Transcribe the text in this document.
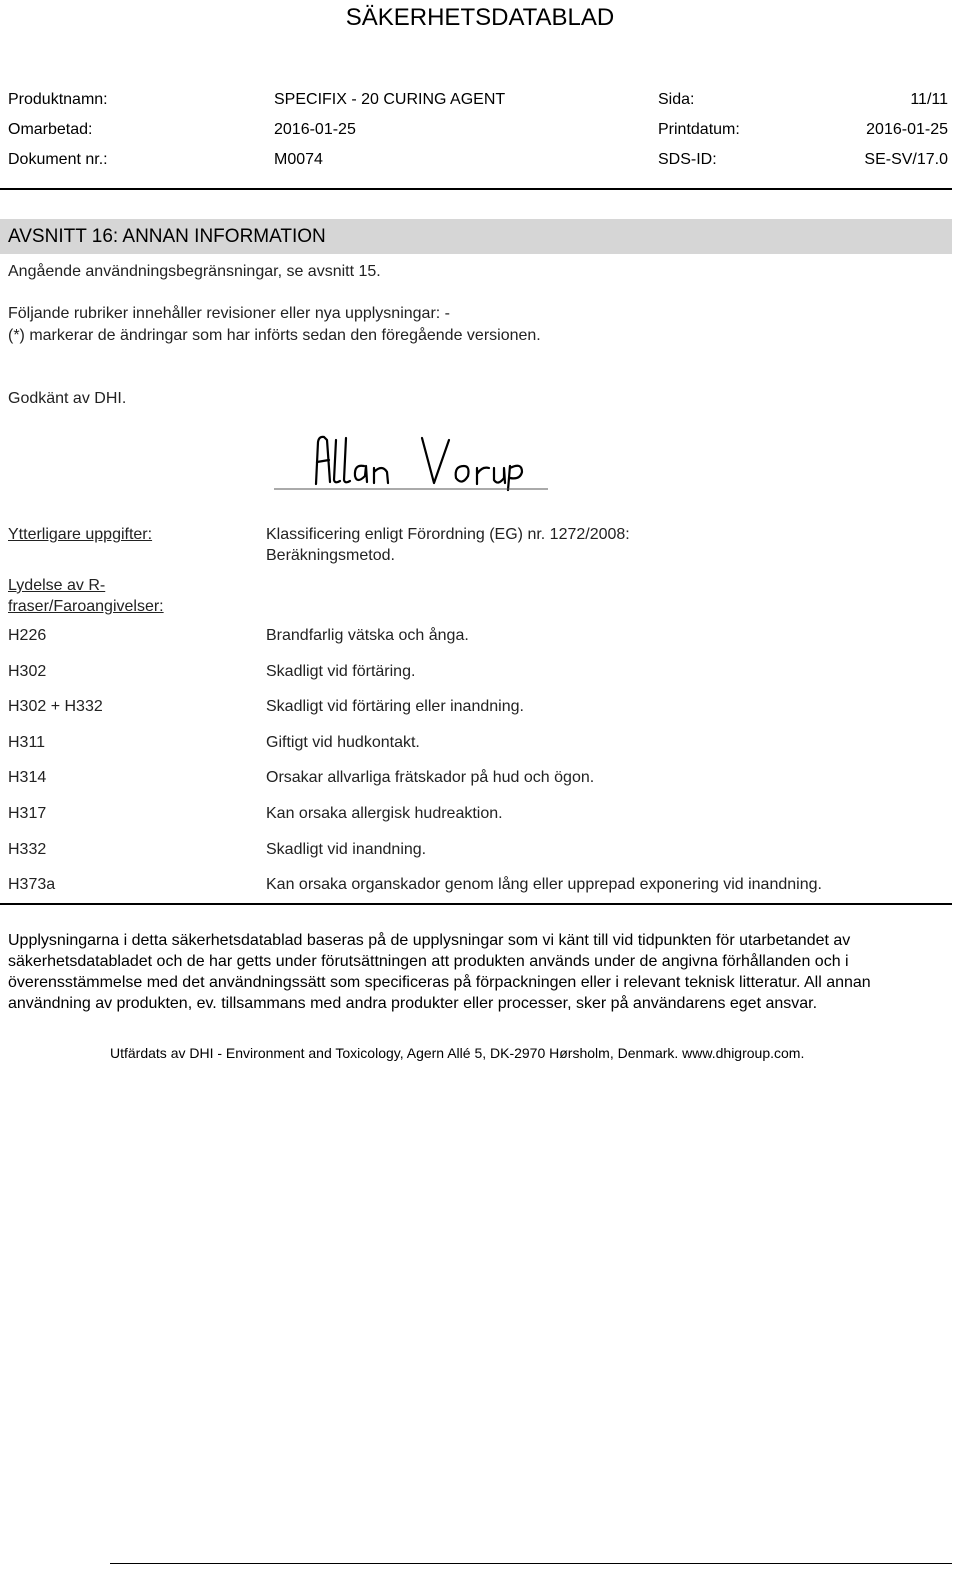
SÄKERHETSDATABLAD
Produktnamn:	SPECIFIX - 20 CURING AGENT	Sida:	11/11
Omarbetad:	2016-01-25	Printdatum:	2016-01-25
Dokument nr.:	M0074	SDS-ID:	SE-SV/17.0
AVSNITT 16: ANNAN INFORMATION
Angående användningsbegränsningar, se avsnitt 15.
Följande rubriker innehåller revisioner eller nya upplysningar: -
(*) markerar de ändringar som har införts sedan den föregående versionen.
Godkänt av DHI.
Ytterligare uppgifter:	Klassificering enligt Förordning (EG) nr. 1272/2008:
Beräkningsmetod.
Lydelse av R-
fraser/Faroangivelser:
H226	Brandfarlig vätska och ånga.
H302	Skadligt vid förtäring.
H302 + H332	Skadligt vid förtäring eller inandning.
H311	Giftigt vid hudkontakt.
H314	Orsakar allvarliga frätskador på hud och ögon.
H317	Kan orsaka allergisk hudreaktion.
H332	Skadligt vid inandning.
H373a	Kan orsaka organskador genom lång eller upprepad exponering vid inandning.
Upplysningarna i detta säkerhetsdatablad baseras på de upplysningar som vi känt till vid tidpunkten för utarbetandet av säkerhetsdatabladet och de har getts under förutsättningen att produkten används under de angivna förhållanden och i överensstämmelse med det användningssätt som specificeras på förpackningen eller i relevant teknisk litteratur. All annan användning av produkten, ev. tillsammans med andra produkter eller processer, sker på användarens eget ansvar.
Utfärdats av DHI - Environment and Toxicology, Agern Allé 5, DK-2970 Hørsholm, Denmark. www.dhigroup.com.
